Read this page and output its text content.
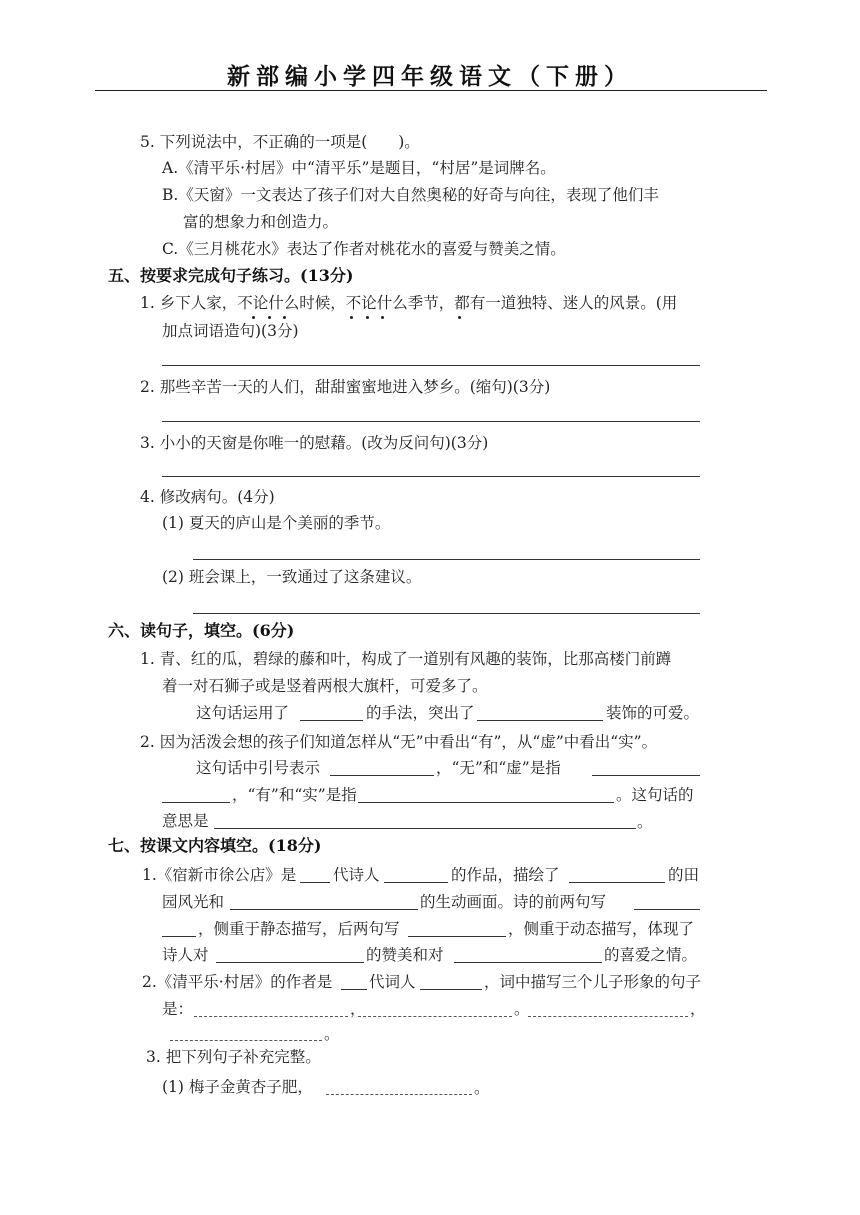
新部编小学四年级语文（下册）
5. 下列说法中，不正确的一项是(　　)。
A.《清平乐·村居》中“清平乐”是题目，“村居”是词牌名。
B.《天窗》一文表达了孩子们对大自然奥秘的好奇与向往，表现了他们丰
富的想象力和创造力。
C.《三月桃花水》表达了作者对桃花水的喜爱与赞美之情。
五、按要求完成句子练习。(13分)
1. 乡下人家，不论什么时候，不论什么季节，都有一道独特、迷人的风景。(用
加点词语造句)(3分)
2. 那些辛苦一天的人们，甜甜蜜蜜地进入梦乡。(缩句)(3分)
3. 小小的天窗是你唯一的慰藉。(改为反问句)(3分)
4. 修改病句。(4分)
(1) 夏天的庐山是个美丽的季节。
(2) 班会课上，一致通过了这条建议。
六、读句子，填空。(6分)
1. 青、红的瓜，碧绿的藤和叶，构成了一道别有风趣的装饰，比那高楼门前蹲
着一对石狮子或是竖着两根大旗杆，可爱多了。
这句话运用了	的手法，突出了	装饰的可爱。
2. 因为活泼会想的孩子们知道怎样从“无”中看出“有”，从“虚”中看出“实”。
这句话中引号表示	，“无”和“虚”是指
，“有”和“实”是指	。这句话的
意思是	。
七、按课文内容填空。(18分)
1.《宿新市徐公店》是 代诗人	的作品，描绘了	的田
园风光和	的生动画面。诗的前两句写
，侧重于静态描写，后两句写	，侧重于动态描写，体现了
诗人对	的赞美和对	的喜爱之情。
2.《清平乐·村居》的作者是 代词人	，词中描写三个儿子形象的句子
是：	，	。	，
。
3. 把下列句子补充完整。
(1) 梅子金黄杏子肥，	。
